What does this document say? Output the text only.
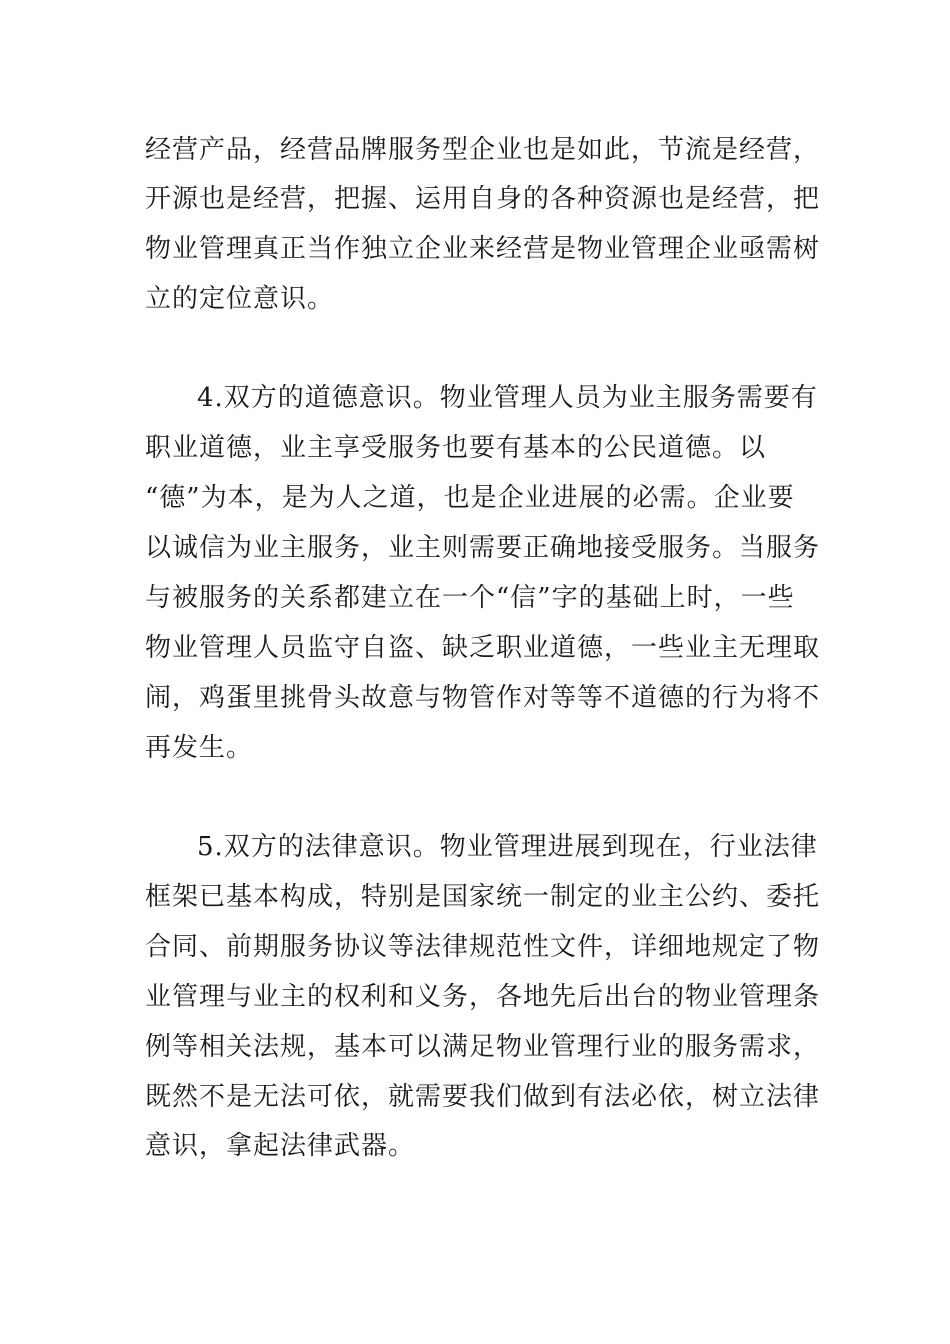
经营产品，经营品牌服务型企业也是如此，节流是经营，
开源也是经营，把握、运用自身的各种资源也是经营，把
物业管理真正当作独立企业来经营是物业管理企业亟需树
立的定位意识。
4.双方的道德意识。物业管理人员为业主服务需要有
职业道德，业主享受服务也要有基本的公民道德。以
“德”为本，是为人之道，也是企业进展的必需。企业要
以诚信为业主服务，业主则需要正确地接受服务。当服务
与被服务的关系都建立在一个“信”字的基础上时，一些
物业管理人员监守自盗、缺乏职业道德，一些业主无理取
闹，鸡蛋里挑骨头故意与物管作对等等不道德的行为将不
再发生。
5.双方的法律意识。物业管理进展到现在，行业法律
框架已基本构成，特别是国家统一制定的业主公约、委托
合同、前期服务协议等法律规范性文件，详细地规定了物
业管理与业主的权利和义务，各地先后出台的物业管理条
例等相关法规，基本可以满足物业管理行业的服务需求，
既然不是无法可依，就需要我们做到有法必依，树立法律
意识，拿起法律武器。
